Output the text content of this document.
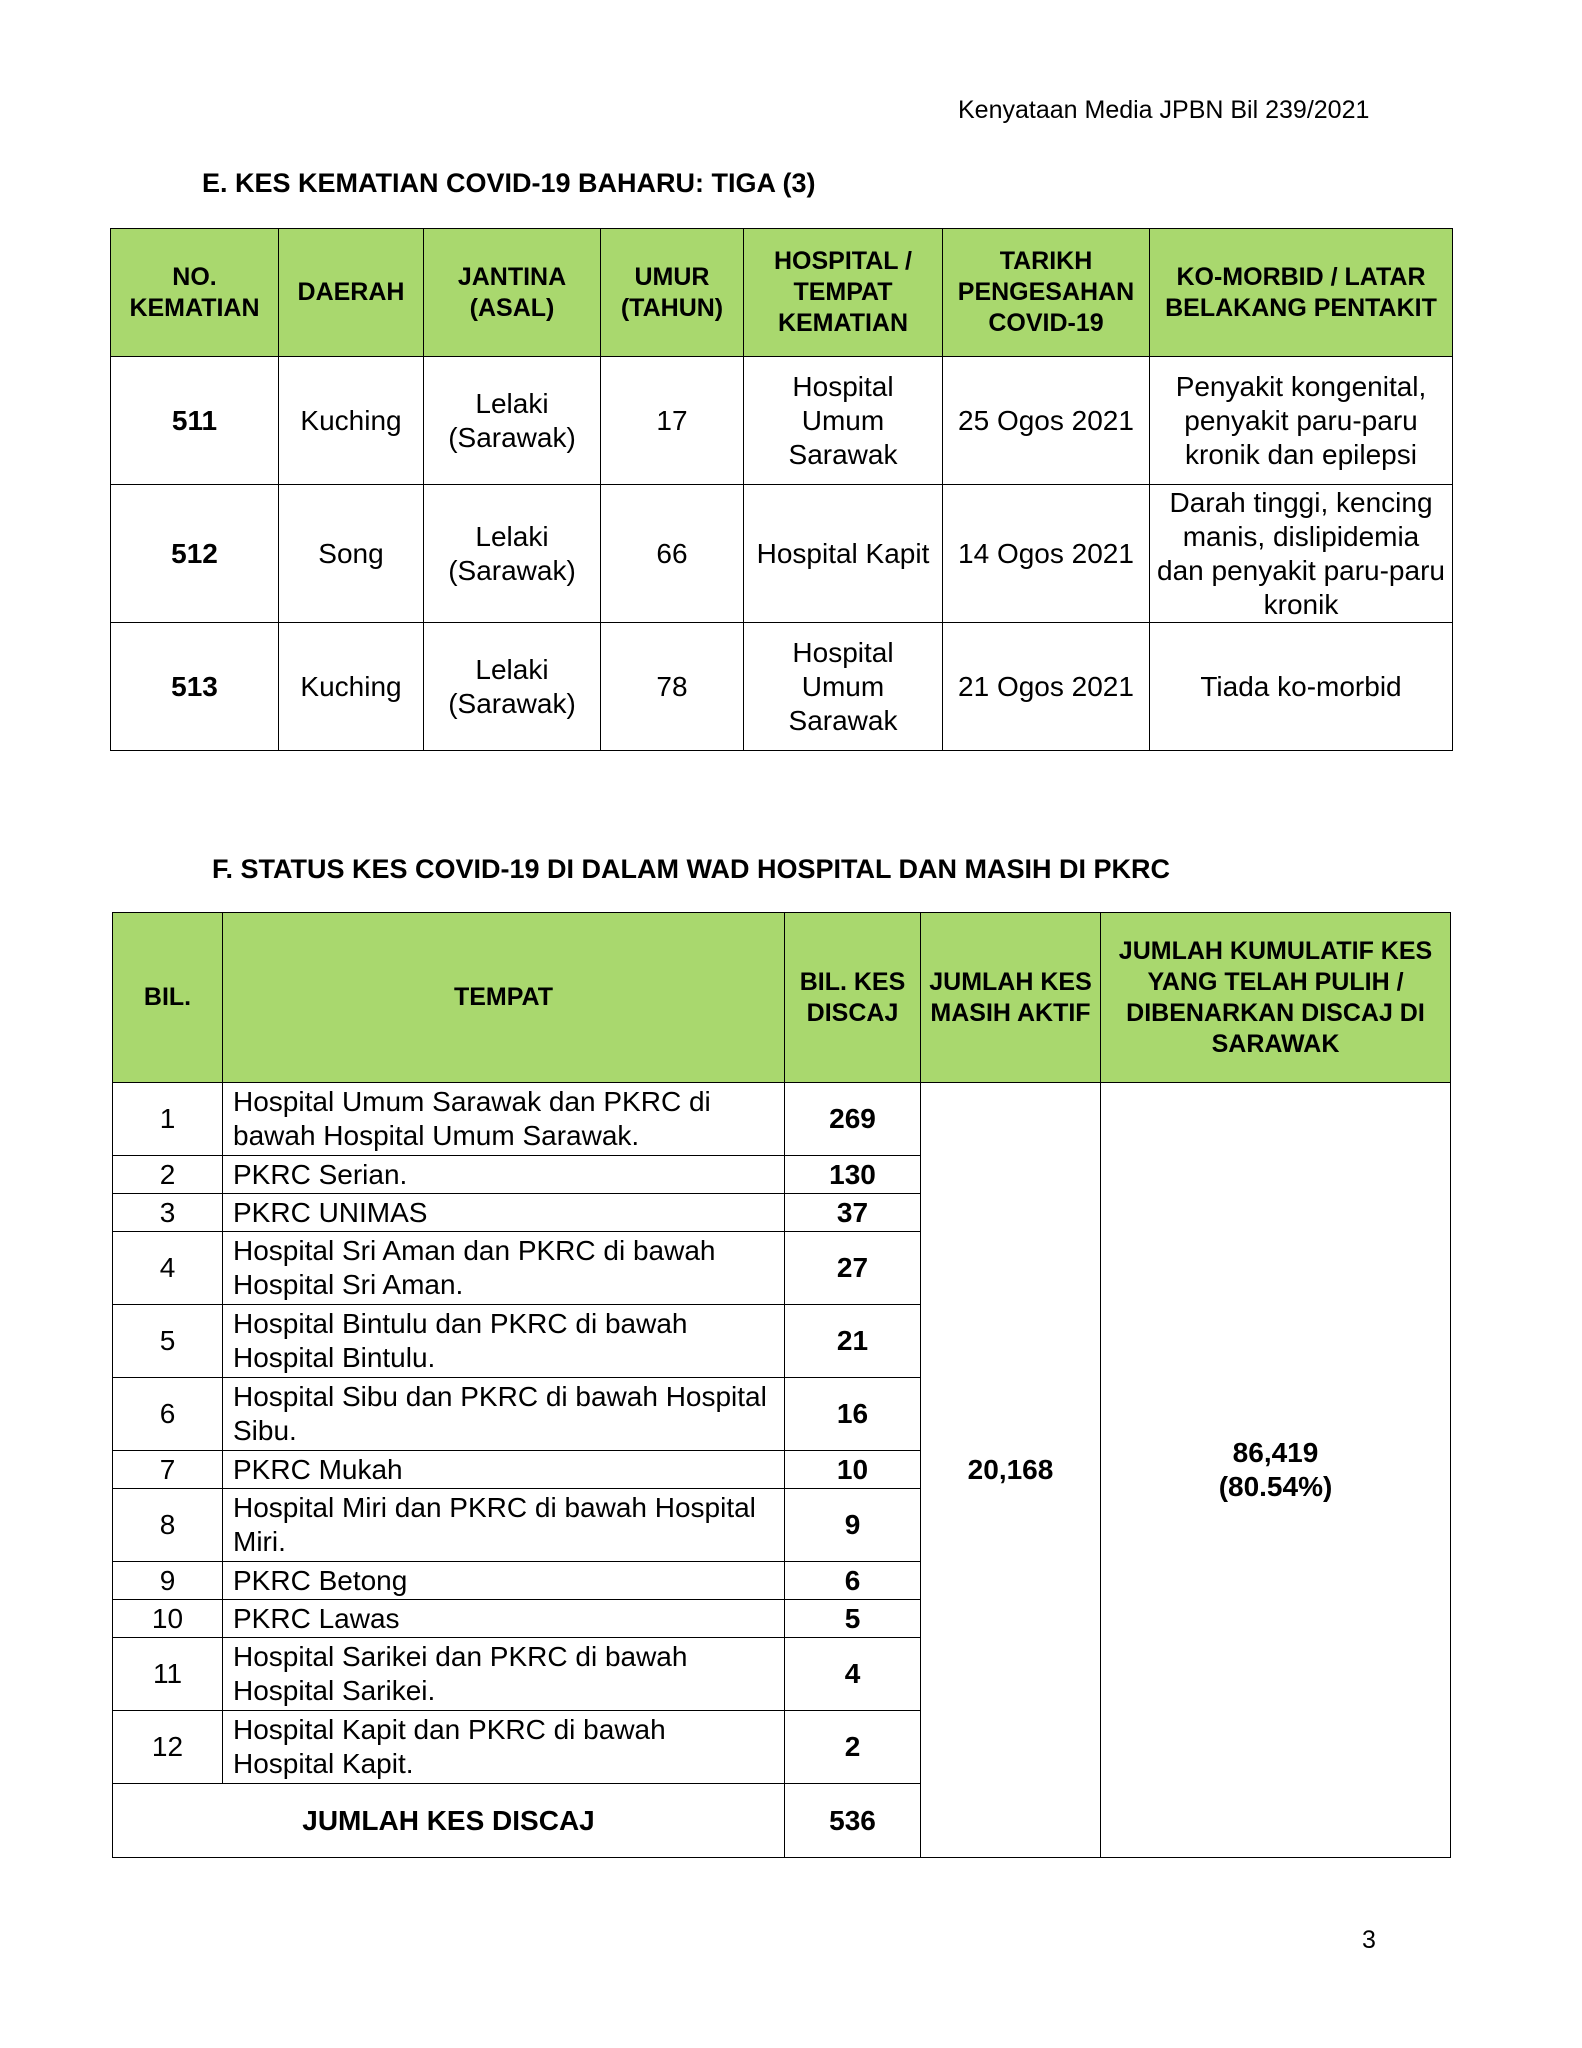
Kenyataan Media JPBN Bil 239/2021
E. KES KEMATIAN COVID-19 BAHARU: TIGA (3)
NO. KEMATIAN	DAERAH	JANTINA (ASAL)	UMUR (TAHUN)	HOSPITAL / TEMPAT KEMATIAN	TARIKH PENGESAHAN COVID-19	KO-MORBID / LATAR BELAKANG PENTAKIT
511	Kuching	Lelaki (Sarawak)	17	Hospital Umum Sarawak	25 Ogos 2021	Penyakit kongenital, penyakit paru-paru kronik dan epilepsi
512	Song	Lelaki (Sarawak)	66	Hospital Kapit	14 Ogos 2021	Darah tinggi, kencing manis, dislipidemia dan penyakit paru-paru kronik
513	Kuching	Lelaki (Sarawak)	78	Hospital Umum Sarawak	21 Ogos 2021	Tiada ko-morbid
F. STATUS KES COVID-19 DI DALAM WAD HOSPITAL DAN MASIH DI PKRC
BIL.	TEMPAT	BIL. KES DISCAJ	JUMLAH KES MASIH AKTIF	JUMLAH KUMULATIF KES YANG TELAH PULIH / DIBENARKAN DISCAJ DI SARAWAK
1	Hospital Umum Sarawak dan PKRC di bawah Hospital Umum Sarawak.	269	20,168	86,419
(80.54%)

2	PKRC Serian.	130		
3	PKRC UNIMAS	37		
4	Hospital Sri Aman dan PKRC di bawah Hospital Sri Aman.	27		
5	Hospital Bintulu dan PKRC di bawah Hospital Bintulu.	21		
6	Hospital Sibu dan PKRC di bawah Hospital Sibu.	16		
7	PKRC Mukah	10		
8	Hospital Miri dan PKRC di bawah Hospital Miri.	9		
9	PKRC Betong	6		
10	PKRC Lawas	5		
11	Hospital Sarikei dan PKRC di bawah Hospital Sarikei.	4		
12	Hospital Kapit dan PKRC di bawah Hospital Kapit.	2		
JUMLAH KES DISCAJ		536		
3
